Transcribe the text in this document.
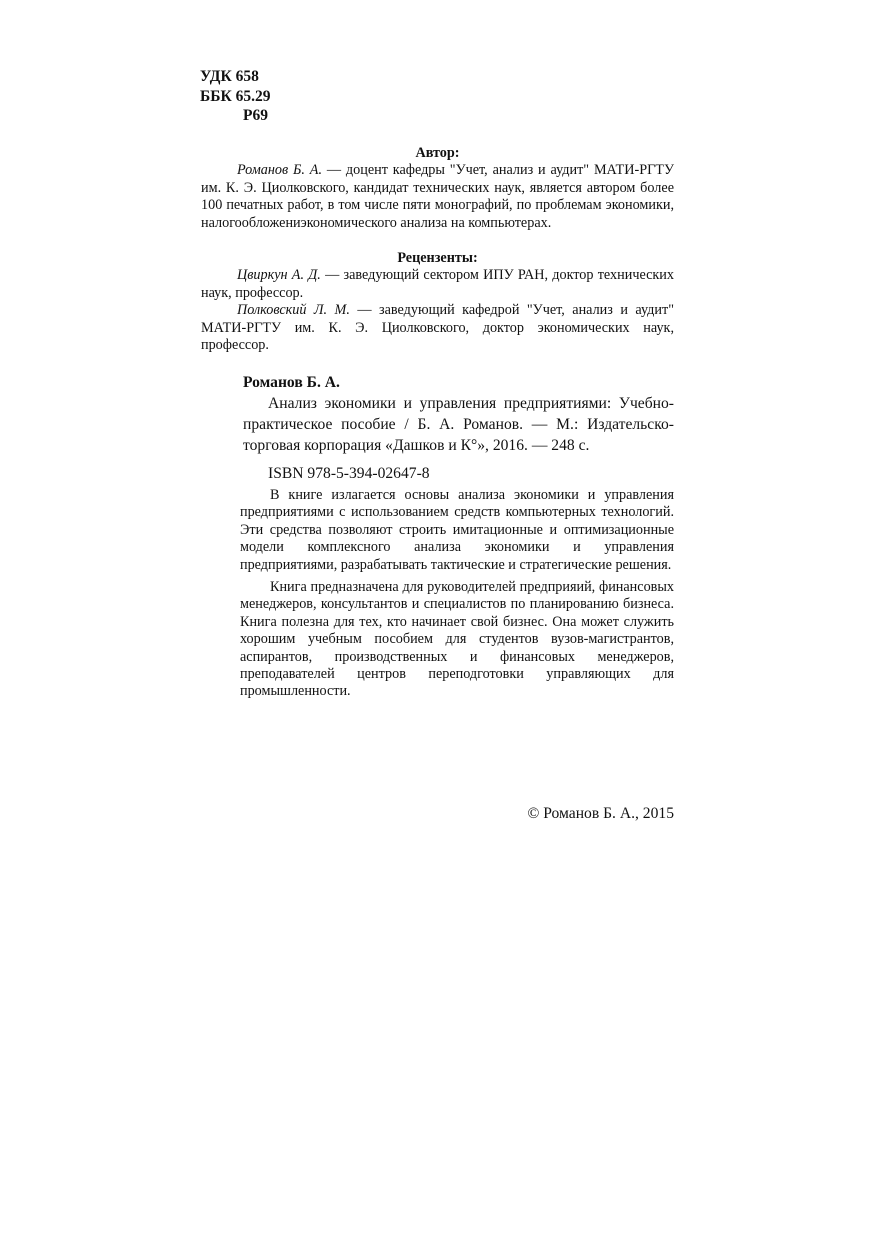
УДК 658
ББК 65.29
Р69
Автор:
Романов Б. А. — доцент кафедры "Учет, анализ и аудит" МАТИ-РГТУ им. К. Э. Циолковского, кандидат технических наук, является автором более 100 печатных работ, в том числе пяти монографий, по проблемам экономики, налогообложениэкономического анализа на компьютерах.
Рецензенты:
Цвиркун А. Д. — заведующий сектором ИПУ РАН, доктор технических наук, профессор.
Полковский Л. М. — заведующий кафедрой "Учет, анализ и аудит" МАТИ-РГТУ им. К. Э. Циолковского, доктор экономических наук, профессор.
Романов Б. А.
Анализ экономики и управления предприятиями: Учебно-практическое пособие / Б. А. Романов. — М.: Издательско-торговая корпорация «Дашков и К°», 2016. — 248 с.
ISBN 978-5-394-02647-8

В книге излагается основы анализа экономики и управления предприятиями с использованием средств компьютерных технологий. Эти средства позволяют строить имитационные и оптимизационные модели комплексного анализа экономики и управления предприятиями, разрабатывать тактические и стратегические решения.

Книга предназначена для руководителей предприяий, финансовых менеджеров, консультантов и специалистов по планированию бизнеса. Книга полезна для тех, кто начинает свой бизнес. Она может служить хорошим учебным пособием для студентов вузов-магистрантов, аспирантов, производственных и финансовых менеджеров, преподавателей центров переподготовки управляющих для промышленности.

© Романов Б. А., 2015
